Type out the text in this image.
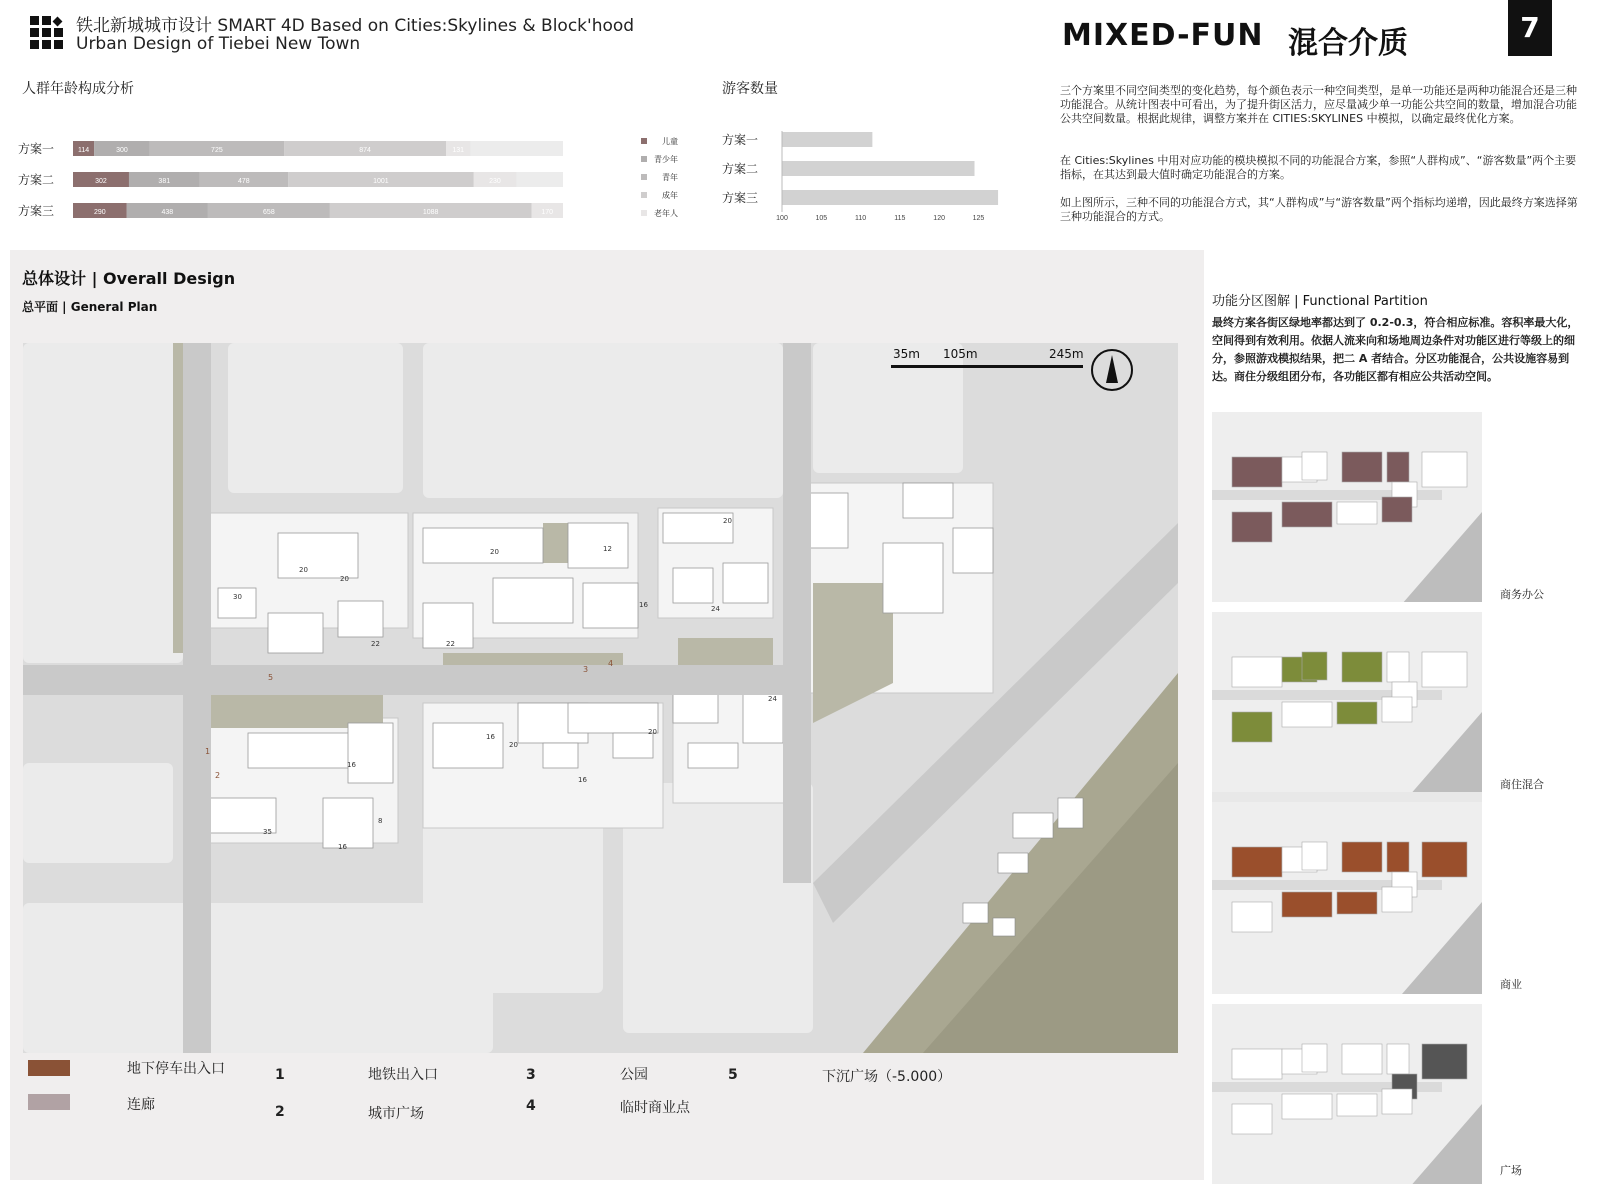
铁北新城城市设计 SMART 4D Based on Cities:Skylines & Block'hood
Urban Design of Tiebei New Town	MIXED-FUN 混合介质	7
人群年龄构成分析
方案一	114	300	725	874	131
方案二	302	381	478	1001	230
方案三	290	438	658	1088	170
儿童
青少年
青年
成年
老年人
游客数量
方案一
方案二
方案三
100	105	110	115	120	125
三个方案里不同空间类型的变化趋势，每个颜色表示一种空间类型，是单一功能还是两种功能混合还是三种功能混合。从统计图表中可看出，为了提升街区活力，应尽量减少单一功能公共空间的数量，增加混合功能公共空间数量。根据此规律，调整方案并在 CITIES:SKYLINES 中模拟，以确定最终优化方案。
在 Cities:Skylines 中用对应功能的模块模拟不同的功能混合方案，参照“人群构成”、“游客数量”两个主要指标，在其达到最大值时确定功能混合的方案。
如上图所示，三种不同的功能混合方式，其“人群构成”与“游客数量”两个指标均递增，因此最终方案选择第三种功能混合的方式。
总体设计 | Overall Design
总平面 | General Plan
35m 105m	245m
20
20	12
20
20
30
22	22
16	24
16
20
16
24
20
16
35
16
8
1
2
3
4
5
地下停车出入口
连廊
1	地铁出入口
2	城市广场
3	公园
4	临时商业点
5	下沉广场（-5.000）
功能分区图解 | Functional Partition
最终方案各街区绿地率都达到了 0.2-0.3，符合相应标准。容积率最大化，空间得到有效利用。依据人流来向和场地周边条件对功能区进行等级上的细分，参照游戏模拟结果，把二 A 者结合。分区功能混合，公共设施容易到达。商住分级组团分布，各功能区都有相应公共活动空间。
商务办公
商住混合
商业
广场
